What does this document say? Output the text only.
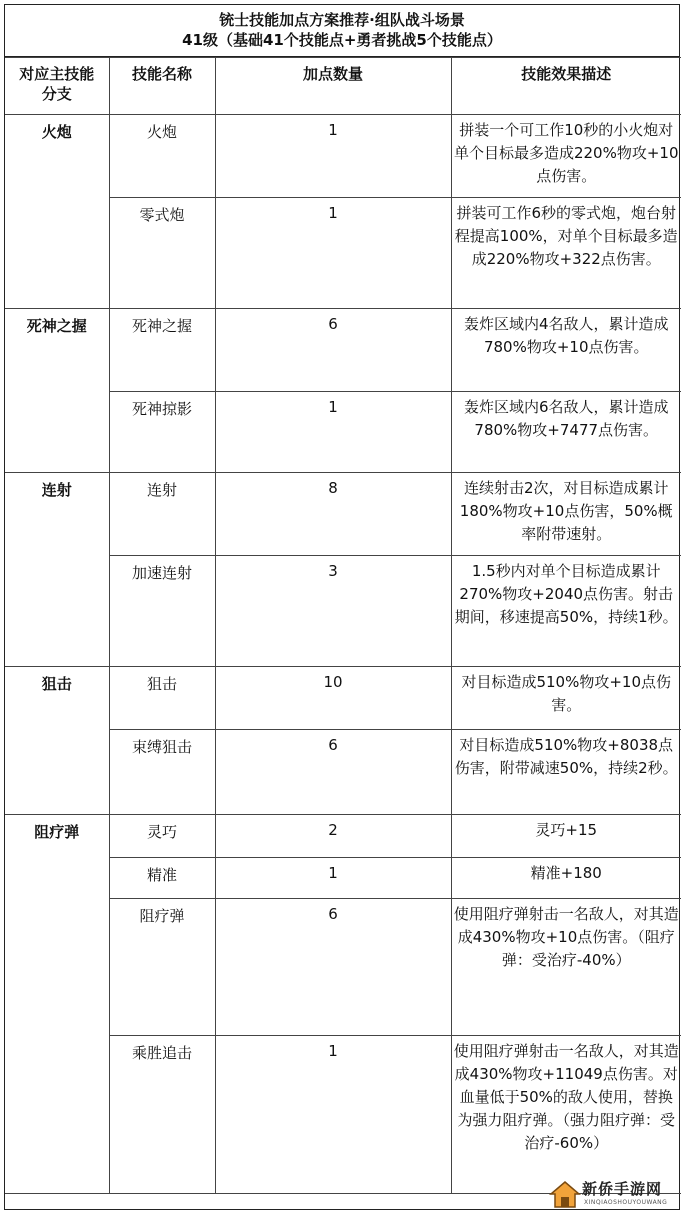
铳士技能加点方案推荐·组队战斗场景
41级（基础41个技能点+勇者挑战5个技能点）
对应主技能分支	技能名称	加点数量	技能效果描述
火炮	火炮	1	拼装一个可工作10秒的小火炮对单个目标最多造成220%物攻+10点伤害。
	零式炮	1	拼装可工作6秒的零式炮，炮台射程提高100%，对单个目标最多造成220%物攻+322点伤害。
死神之握	死神之握	6	轰炸区域内4名敌人，累计造成780%物攻+10点伤害。
	死神掠影	1	轰炸区域内6名敌人，累计造成780%物攻+7477点伤害。
连射	连射	8	连续射击2次，对目标造成累计180%物攻+10点伤害，50%概率附带速射。
	加速连射	3	1.5秒内对单个目标造成累计270%物攻+2040点伤害。射击期间，移速提高50%，持续1秒。
狙击	狙击	10	对目标造成510%物攻+10点伤害。
	束缚狙击	6	对目标造成510%物攻+8038点伤害，附带减速50%，持续2秒。
阻疗弹	灵巧	2	灵巧+15
	精准	1	精准+180
	阻疗弹	6	使用阻疗弹射击一名敌人，对其造成430%物攻+10点伤害。（阻疗弹：受治疗-40%）
	乘胜追击	1	使用阻疗弹射击一名敌人，对其造成430%物攻+11049点伤害。对血量低于50%的敌人使用，替换为强力阻疗弹。（强力阻疗弹：受治疗-60%）
新侨手游网
XINQIAOSHOUYOUWANG
